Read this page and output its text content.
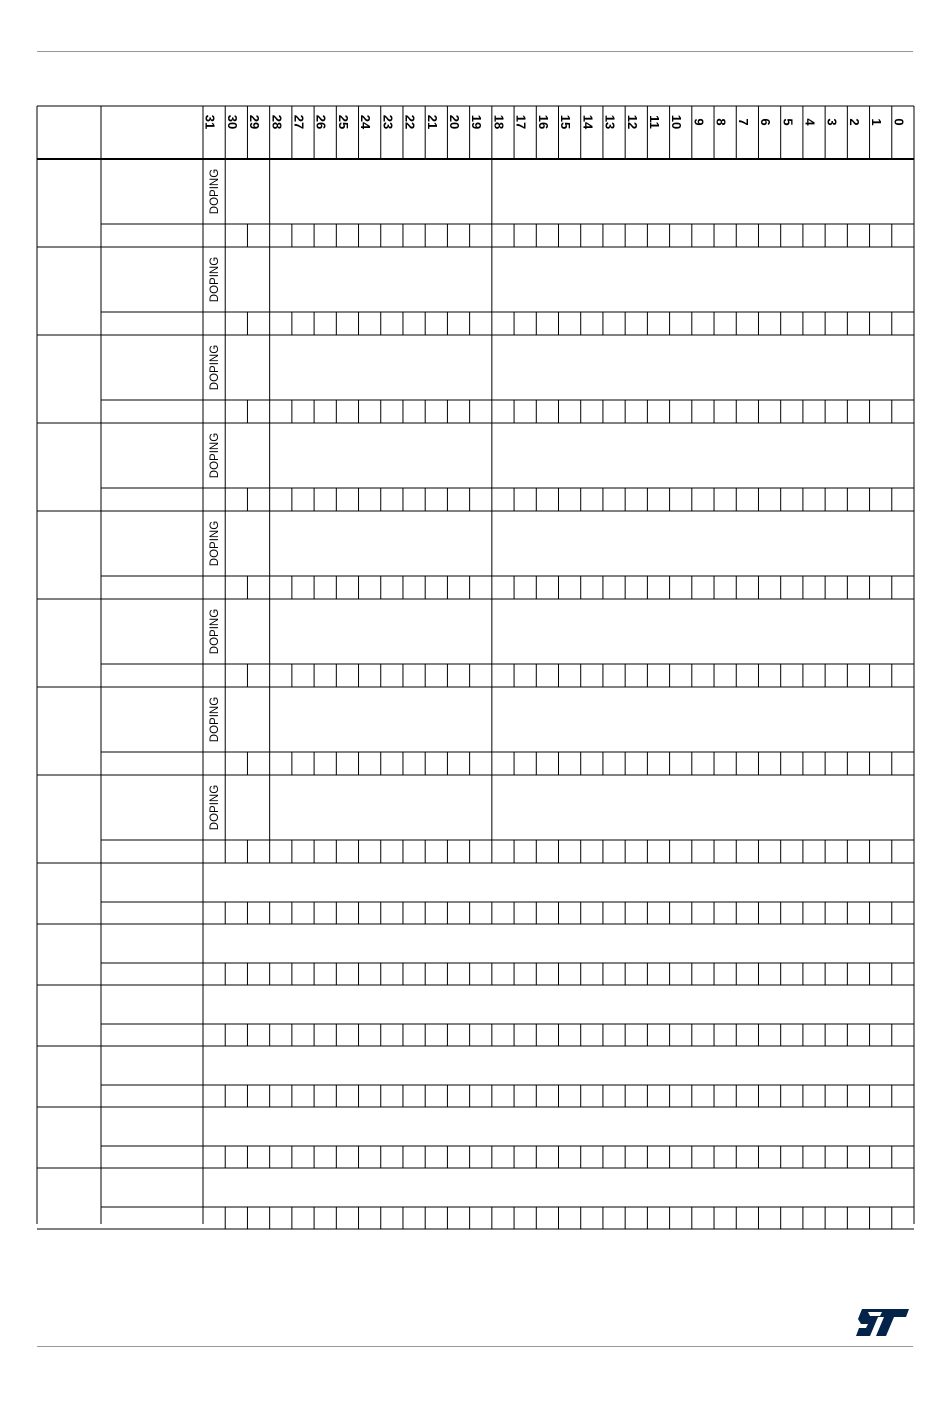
31 30 29 28 27 26 25 24 23 22 21 20 19 18 17 16 15 14 13 12 11 10 9 8 7 6 5 4 3 2 1 0
DOPING
DOPING
DOPING
DOPING
DOPING
DOPING
DOPING
DOPING
